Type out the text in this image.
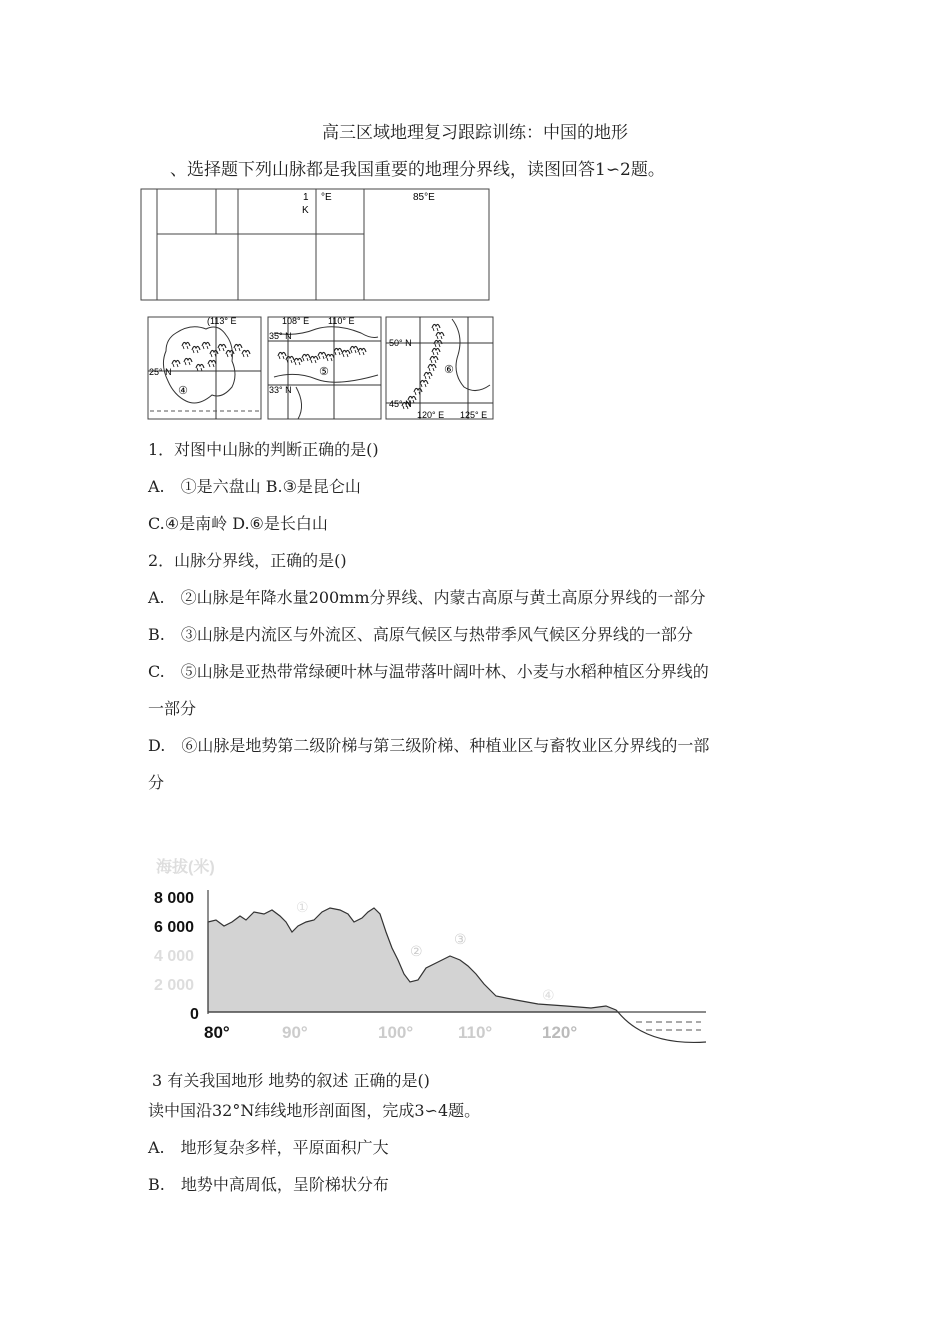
高三区域地理复习跟踪训练：中国的地形
、选择题下列山脉都是我国重要的地理分界线，读图回答1∽2题。
1
K
°E	85°E
(113° E
25° N
④
108° E 110° E
35° N
33° N
⑤
50° N
45° N
120° E 125° E
⑥
1．对图中山脉的判断正确的是()
A.　①是六盘山 B.③是昆仑山
C.④是南岭 D.⑥是长白山
2．山脉分界线，正确的是()
A.　②山脉是年降水量200mm分界线、内蒙古高原与黄土高原分界线的一部分
B.　③山脉是内流区与外流区、高原气候区与热带季风气候区分界线的一部分
C.　⑤山脉是亚热带常绿硬叶林与温带落叶阔叶林、小麦与水稻种植区分界线的
一部分
D.　⑥山脉是地势第二级阶梯与第三级阶梯、种植业区与畜牧业区分界线的一部
分
海拔(米)
8 000
6 000
4 000
2 000
0
①
②
③
④
80°	90°	100°	110°	120°
3 有关我国地形 地势的叙述 正确的是()
读中国沿32°N纬线地形剖面图，完成3∽4题。
A.　地形复杂多样，平原面积广大
B.　地势中高周低，呈阶梯状分布
